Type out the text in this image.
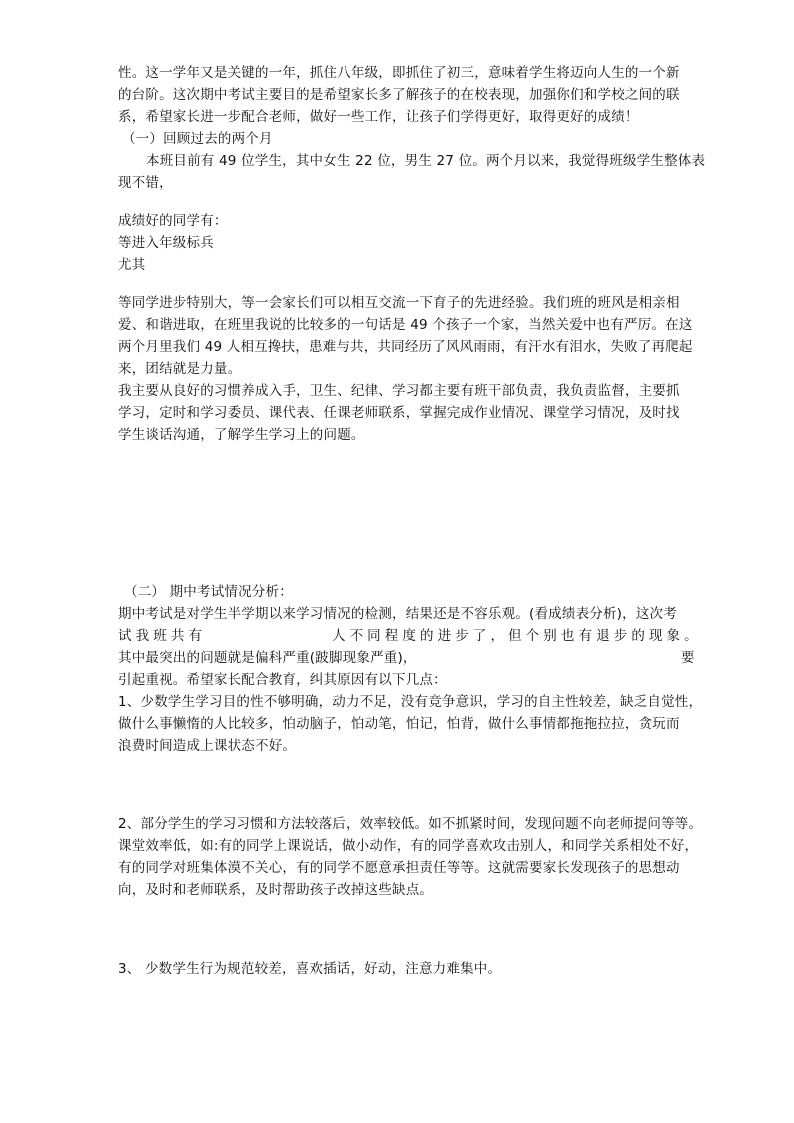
性。这一学年又是关键的一年，抓住八年级，即抓住了初三，意味着学生将迈向人生的一个新
的台阶。这次期中考试主要目的是希望家长多了解孩子的在校表现，加强你们和学校之间的联
系，希望家长进一步配合老师，做好一些工作，让孩子们学得更好，取得更好的成绩！
（一）回顾过去的两个月
本班目前有 49 位学生，其中女生 22 位，男生 27 位。两个月以来，我觉得班级学生整体表
现不错，
成绩好的同学有：
等进入年级标兵
尤其
等同学进步特别大，等一会家长们可以相互交流一下育子的先进经验。我们班的班风是相亲相
爱、和谐进取，在班里我说的比较多的一句话是 49 个孩子一个家，当然关爱中也有严厉。在这
两个月里我们 49 人相互搀扶，患难与共，共同经历了风风雨雨，有汗水有泪水，失败了再爬起
来，团结就是力量。
我主要从良好的习惯养成入手，卫生、纪律、学习都主要有班干部负责，我负责监督，主要抓
学习，定时和学习委员、课代表、任课老师联系，掌握完成作业情况、课堂学习情况，及时找
学生谈话沟通，了解学生学习上的问题。
（二） 期中考试情况分析：
期中考试是对学生半学期以来学习情况的检测，结果还是不容乐观。(看成绩表分析)，这次考
试 我 班 共 有	人 不 同 程 度 的 进 步 了 ， 但 个 别 也 有 退 步 的 现 象 。
其中最突出的问题就是偏科严重(跛脚现象严重)，	要
引起重视。希望家长配合教育，纠其原因有以下几点：
1、少数学生学习目的性不够明确，动力不足，没有竞争意识，学习的自主性较差，缺乏自觉性，
做什么事懒惰的人比较多，怕动脑子，怕动笔，怕记，怕背，做什么事情都拖拖拉拉，贪玩而
浪费时间造成上课状态不好。
2、部分学生的学习习惯和方法较落后，效率较低。如不抓紧时间，发现问题不向老师提问等等。
课堂效率低，如:有的同学上课说话，做小动作，有的同学喜欢攻击别人，和同学关系相处不好，
有的同学对班集体漠不关心，有的同学不愿意承担责任等等。这就需要家长发现孩子的思想动
向，及时和老师联系，及时帮助孩子改掉这些缺点。
3、 少数学生行为规范较差，喜欢插话，好动，注意力难集中。
